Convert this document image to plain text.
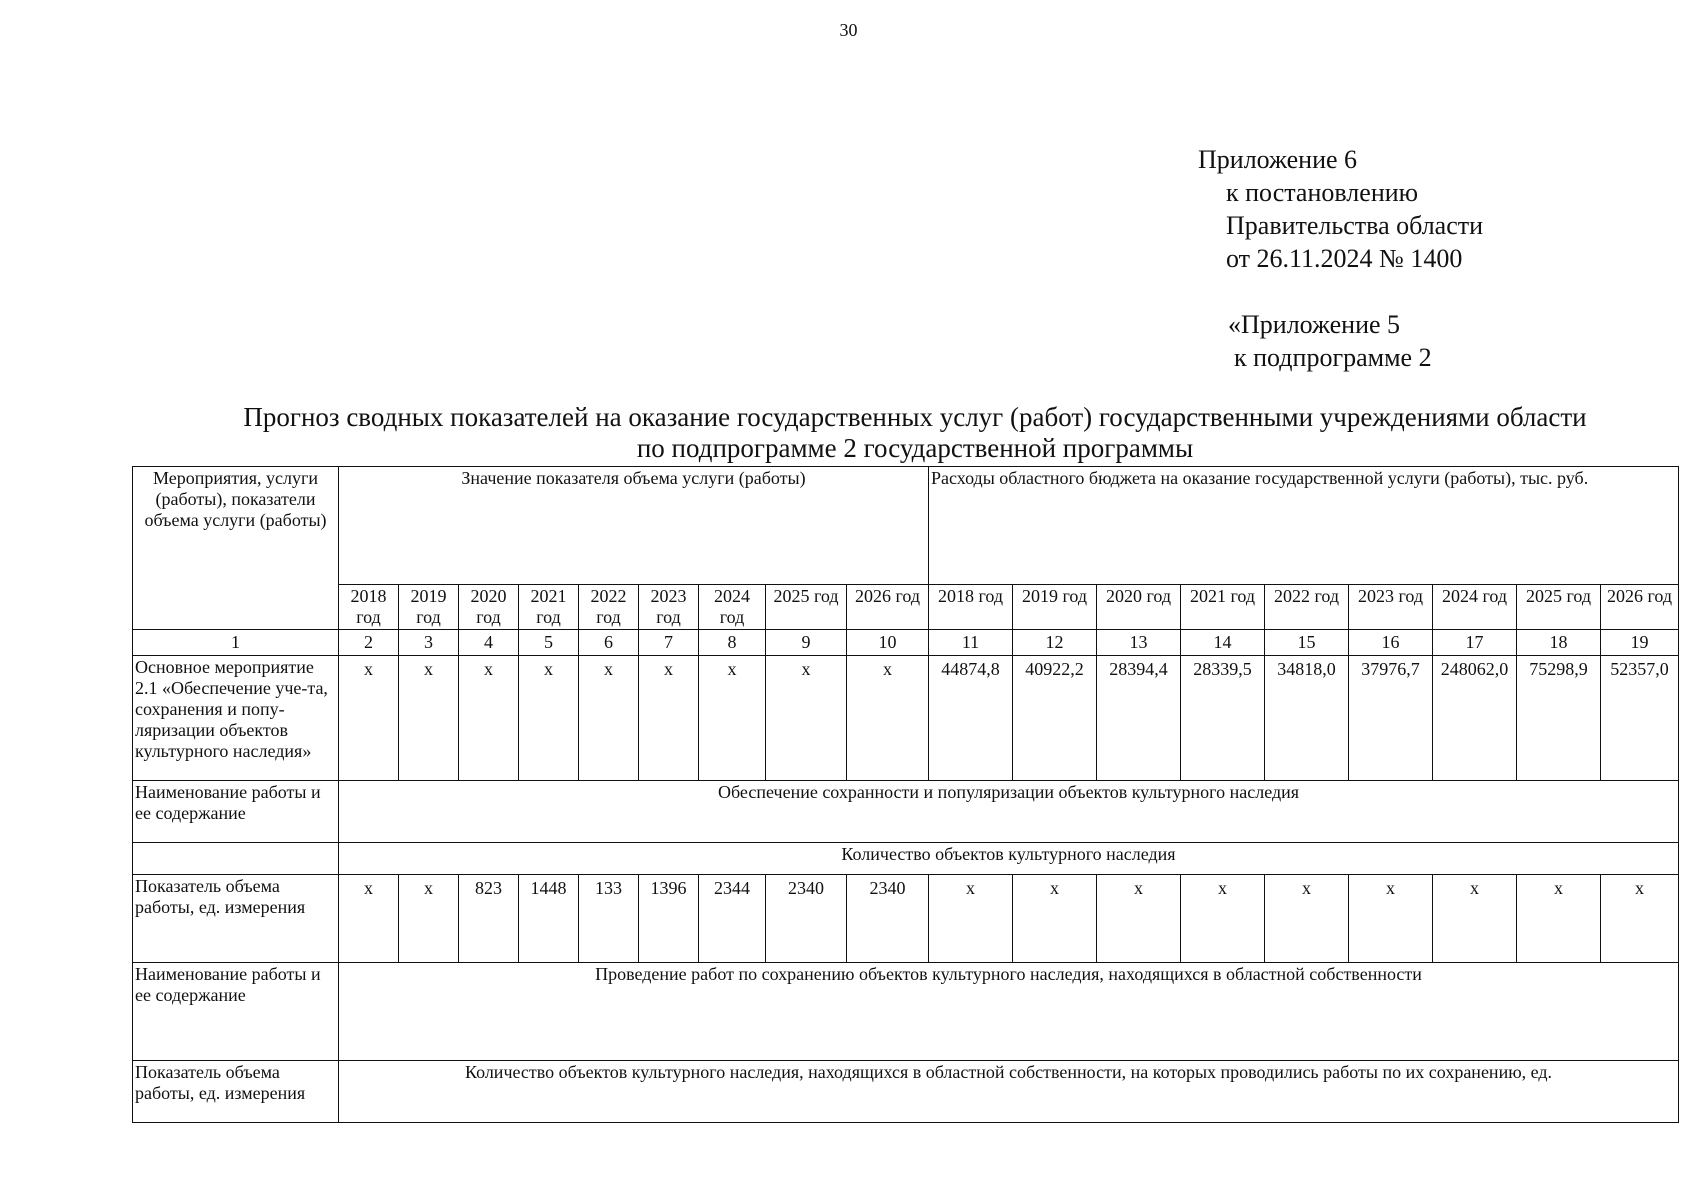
30
Приложение 6
к постановлению
Правительства области
от 26.11.2024 № 1400
«Приложение 5
к подпрограмме 2
Прогноз сводных показателей на оказание государственных услуг (работ) государственными учреждениями области
по подпрограмме 2 государственной программы
Мероприятия, услуги (работы), показатели объема услуги (работы)	Значение показателя объема услуги (работы)									Расходы областного бюджета на оказание государственной услуги (работы), тыс. руб.								
	2018 год	2019 год	2020 год	2021 год	2022 год	2023 год	2024 год	2025 год	2026 год	2018 год	2019 год	2020 год	2021 год	2022 год	2023 год	2024 год	2025 год	2026 год
1	2	3	4	5	6	7	8	9	10	11	12	13	14	15	16	17	18	19
Основное мероприятие 2.1 «Обеспечение уче-та, сохранения и попу-ляризации объектов культурного наследия»	х	х	х	х	х	х	х	х	х	44874,8	40922,2	28394,4	28339,5	34818,0	37976,7	248062,0	75298,9	52357,0
Наименование работы и ее содержание	Обеспечение сохранности и популяризации объектов культурного наследия																	
	Количество объектов культурного наследия																	
Показатель объема работы, ед. измерения	х	х	823	1448	133	1396	2344	2340	2340	х	х	х	х	х	х	х	х	х
Наименование работы и ее содержание	Проведение работ по сохранению объектов культурного наследия, находящихся в областной собственности																	
Показатель объема работы, ед. измерения	Количество объектов культурного наследия, находящихся в областной собственности, на которых проводились работы по их сохранению, ед.																	
